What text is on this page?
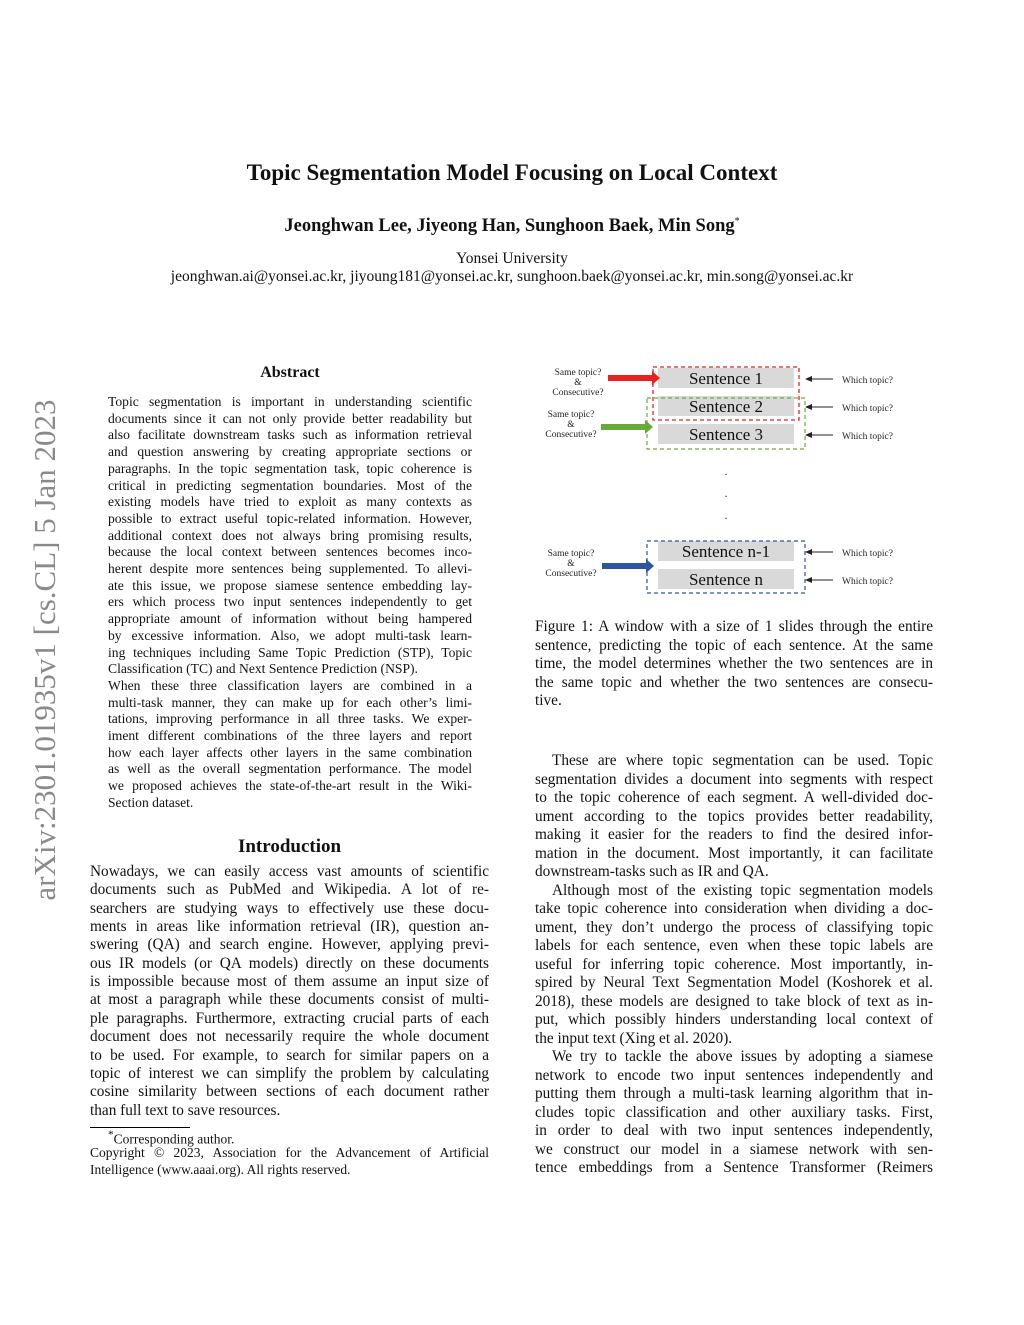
arXiv:2301.01935v1 [cs.CL] 5 Jan 2023
Topic Segmentation Model Focusing on Local Context
Jeonghwan Lee, Jiyeong Han, Sunghoon Baek, Min Song*
Yonsei University
jeonghwan.ai@yonsei.ac.kr, jiyoung181@yonsei.ac.kr, sunghoon.baek@yonsei.ac.kr, min.song@yonsei.ac.kr
Abstract
Topic segmentation is important in understanding scientific
documents since it can not only provide better readability but
also facilitate downstream tasks such as information retrieval
and question answering by creating appropriate sections or
paragraphs. In the topic segmentation task, topic coherence is
critical in predicting segmentation boundaries. Most of the
existing models have tried to exploit as many contexts as
possible to extract useful topic-related information. However,
additional context does not always bring promising results,
because the local context between sentences becomes inco-
herent despite more sentences being supplemented. To allevi-
ate this issue, we propose siamese sentence embedding lay-
ers which process two input sentences independently to get
appropriate amount of information without being hampered
by excessive information. Also, we adopt multi-task learn-
ing techniques including Same Topic Prediction (STP), Topic
Classification (TC) and Next Sentence Prediction (NSP).
When these three classification layers are combined in a
multi-task manner, they can make up for each other’s limi-
tations, improving performance in all three tasks. We exper-
iment different combinations of the three layers and report
how each layer affects other layers in the same combination
as well as the overall segmentation performance. The model
we proposed achieves the state-of-the-art result in the Wiki-
Section dataset.
Introduction
Nowadays, we can easily access vast amounts of scientific
documents such as PubMed and Wikipedia. A lot of re-
searchers are studying ways to effectively use these docu-
ments in areas like information retrieval (IR), question an-
swering (QA) and search engine. However, applying previ-
ous IR models (or QA models) directly on these documents
is impossible because most of them assume an input size of
at most a paragraph while these documents consist of multi-
ple paragraphs. Furthermore, extracting crucial parts of each
document does not necessarily require the whole document
to be used. For example, to search for similar papers on a
topic of interest we can simplify the problem by calculating
cosine similarity between sections of each document rather
than full text to save resources.
*Corresponding author.
Copyright © 2023, Association for the Advancement of Artificial
Intelligence (www.aaai.org). All rights reserved.
Sentence 1	Which topic?
Sentence 2	Which topic?
Sentence 3	Which topic?
Sentence n-1	Which topic?
Sentence n	Which topic?
Same topic?
&
Consecutive?
Same topic?
&
Consecutive?
Same topic?
&
Consecutive?
.
.
.
Figure 1: A window with a size of 1 slides through the entire
sentence, predicting the topic of each sentence. At the same
time, the model determines whether the two sentences are in
the same topic and whether the two sentences are consecu-
tive.
These are where topic segmentation can be used. Topic
segmentation divides a document into segments with respect
to the topic coherence of each segment. A well-divided doc-
ument according to the topics provides better readability,
making it easier for the readers to find the desired infor-
mation in the document. Most importantly, it can facilitate
downstream-tasks such as IR and QA.
Although most of the existing topic segmentation models
take topic coherence into consideration when dividing a doc-
ument, they don’t undergo the process of classifying topic
labels for each sentence, even when these topic labels are
useful for inferring topic coherence. Most importantly, in-
spired by Neural Text Segmentation Model (Koshorek et al.
2018), these models are designed to take block of text as in-
put, which possibly hinders understanding local context of
the input text (Xing et al. 2020).
We try to tackle the above issues by adopting a siamese
network to encode two input sentences independently and
putting them through a multi-task learning algorithm that in-
cludes topic classification and other auxiliary tasks. First,
in order to deal with two input sentences independently,
we construct our model in a siamese network with sen-
tence embeddings from a Sentence Transformer (Reimers
